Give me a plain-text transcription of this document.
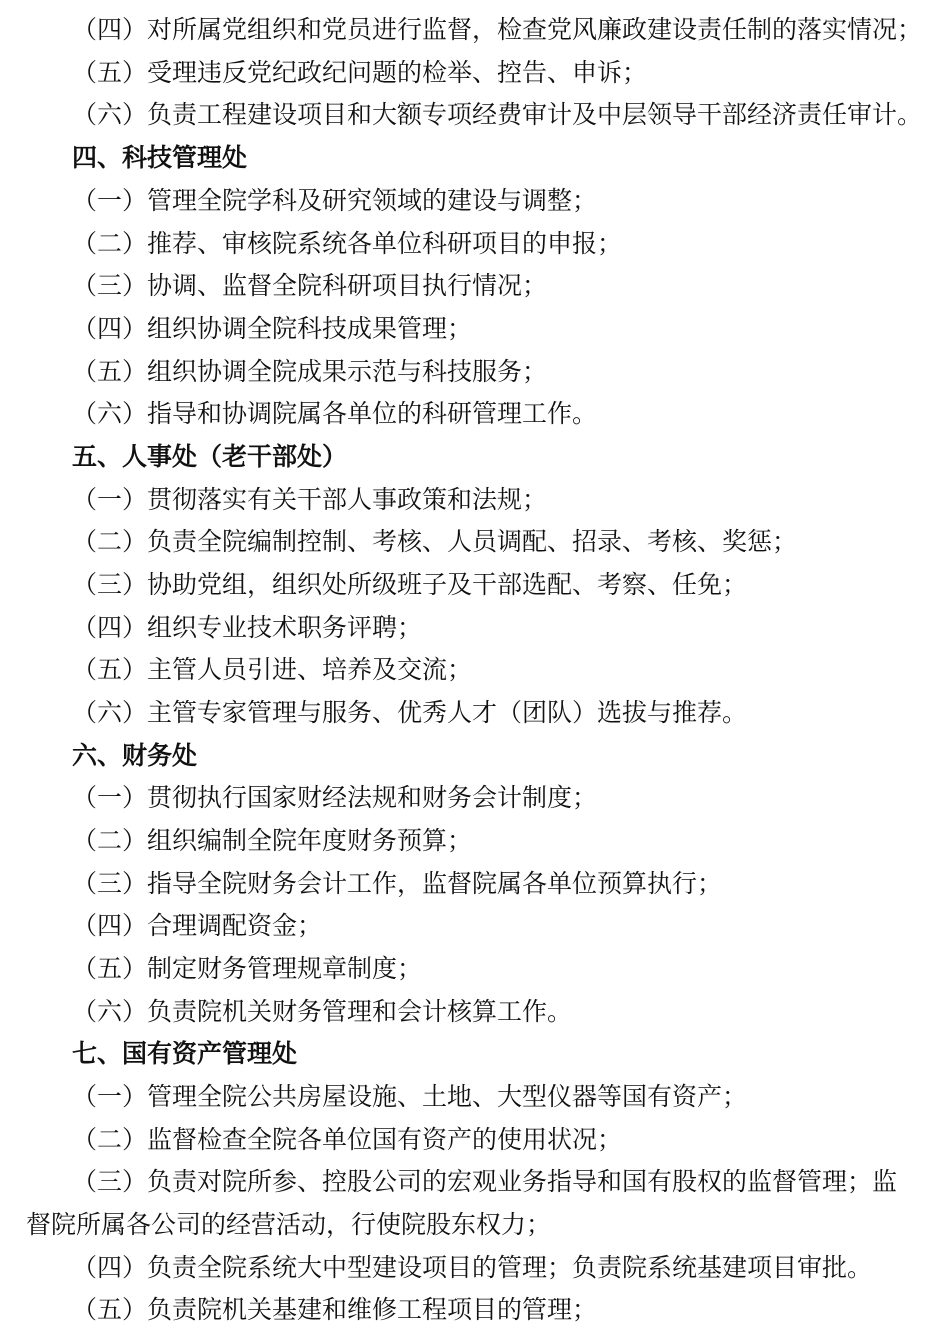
（四）对所属党组织和党员进行监督，检查党风廉政建设责任制的落实情况；
（五）受理违反党纪政纪问题的检举、控告、申诉；
（六）负责工程建设项目和大额专项经费审计及中层领导干部经济责任审计。
四、科技管理处
（一）管理全院学科及研究领域的建设与调整；
（二）推荐、审核院系统各单位科研项目的申报；
（三）协调、监督全院科研项目执行情况；
（四）组织协调全院科技成果管理；
（五）组织协调全院成果示范与科技服务；
（六）指导和协调院属各单位的科研管理工作。
五、人事处（老干部处）
（一）贯彻落实有关干部人事政策和法规；
（二）负责全院编制控制、考核、人员调配、招录、考核、奖惩；
（三）协助党组，组织处所级班子及干部选配、考察、任免；
（四）组织专业技术职务评聘；
（五）主管人员引进、培养及交流；
（六）主管专家管理与服务、优秀人才（团队）选拔与推荐。
六、财务处
（一）贯彻执行国家财经法规和财务会计制度；
（二）组织编制全院年度财务预算；
（三）指导全院财务会计工作，监督院属各单位预算执行；
（四）合理调配资金；
（五）制定财务管理规章制度；
（六）负责院机关财务管理和会计核算工作。
七、国有资产管理处
（一）管理全院公共房屋设施、土地、大型仪器等国有资产；
（二）监督检查全院各单位国有资产的使用状况；
（三）负责对院所参、控股公司的宏观业务指导和国有股权的监督管理；监
督院所属各公司的经营活动，行使院股东权力；
（四）负责全院系统大中型建设项目的管理；负责院系统基建项目审批。
（五）负责院机关基建和维修工程项目的管理；
